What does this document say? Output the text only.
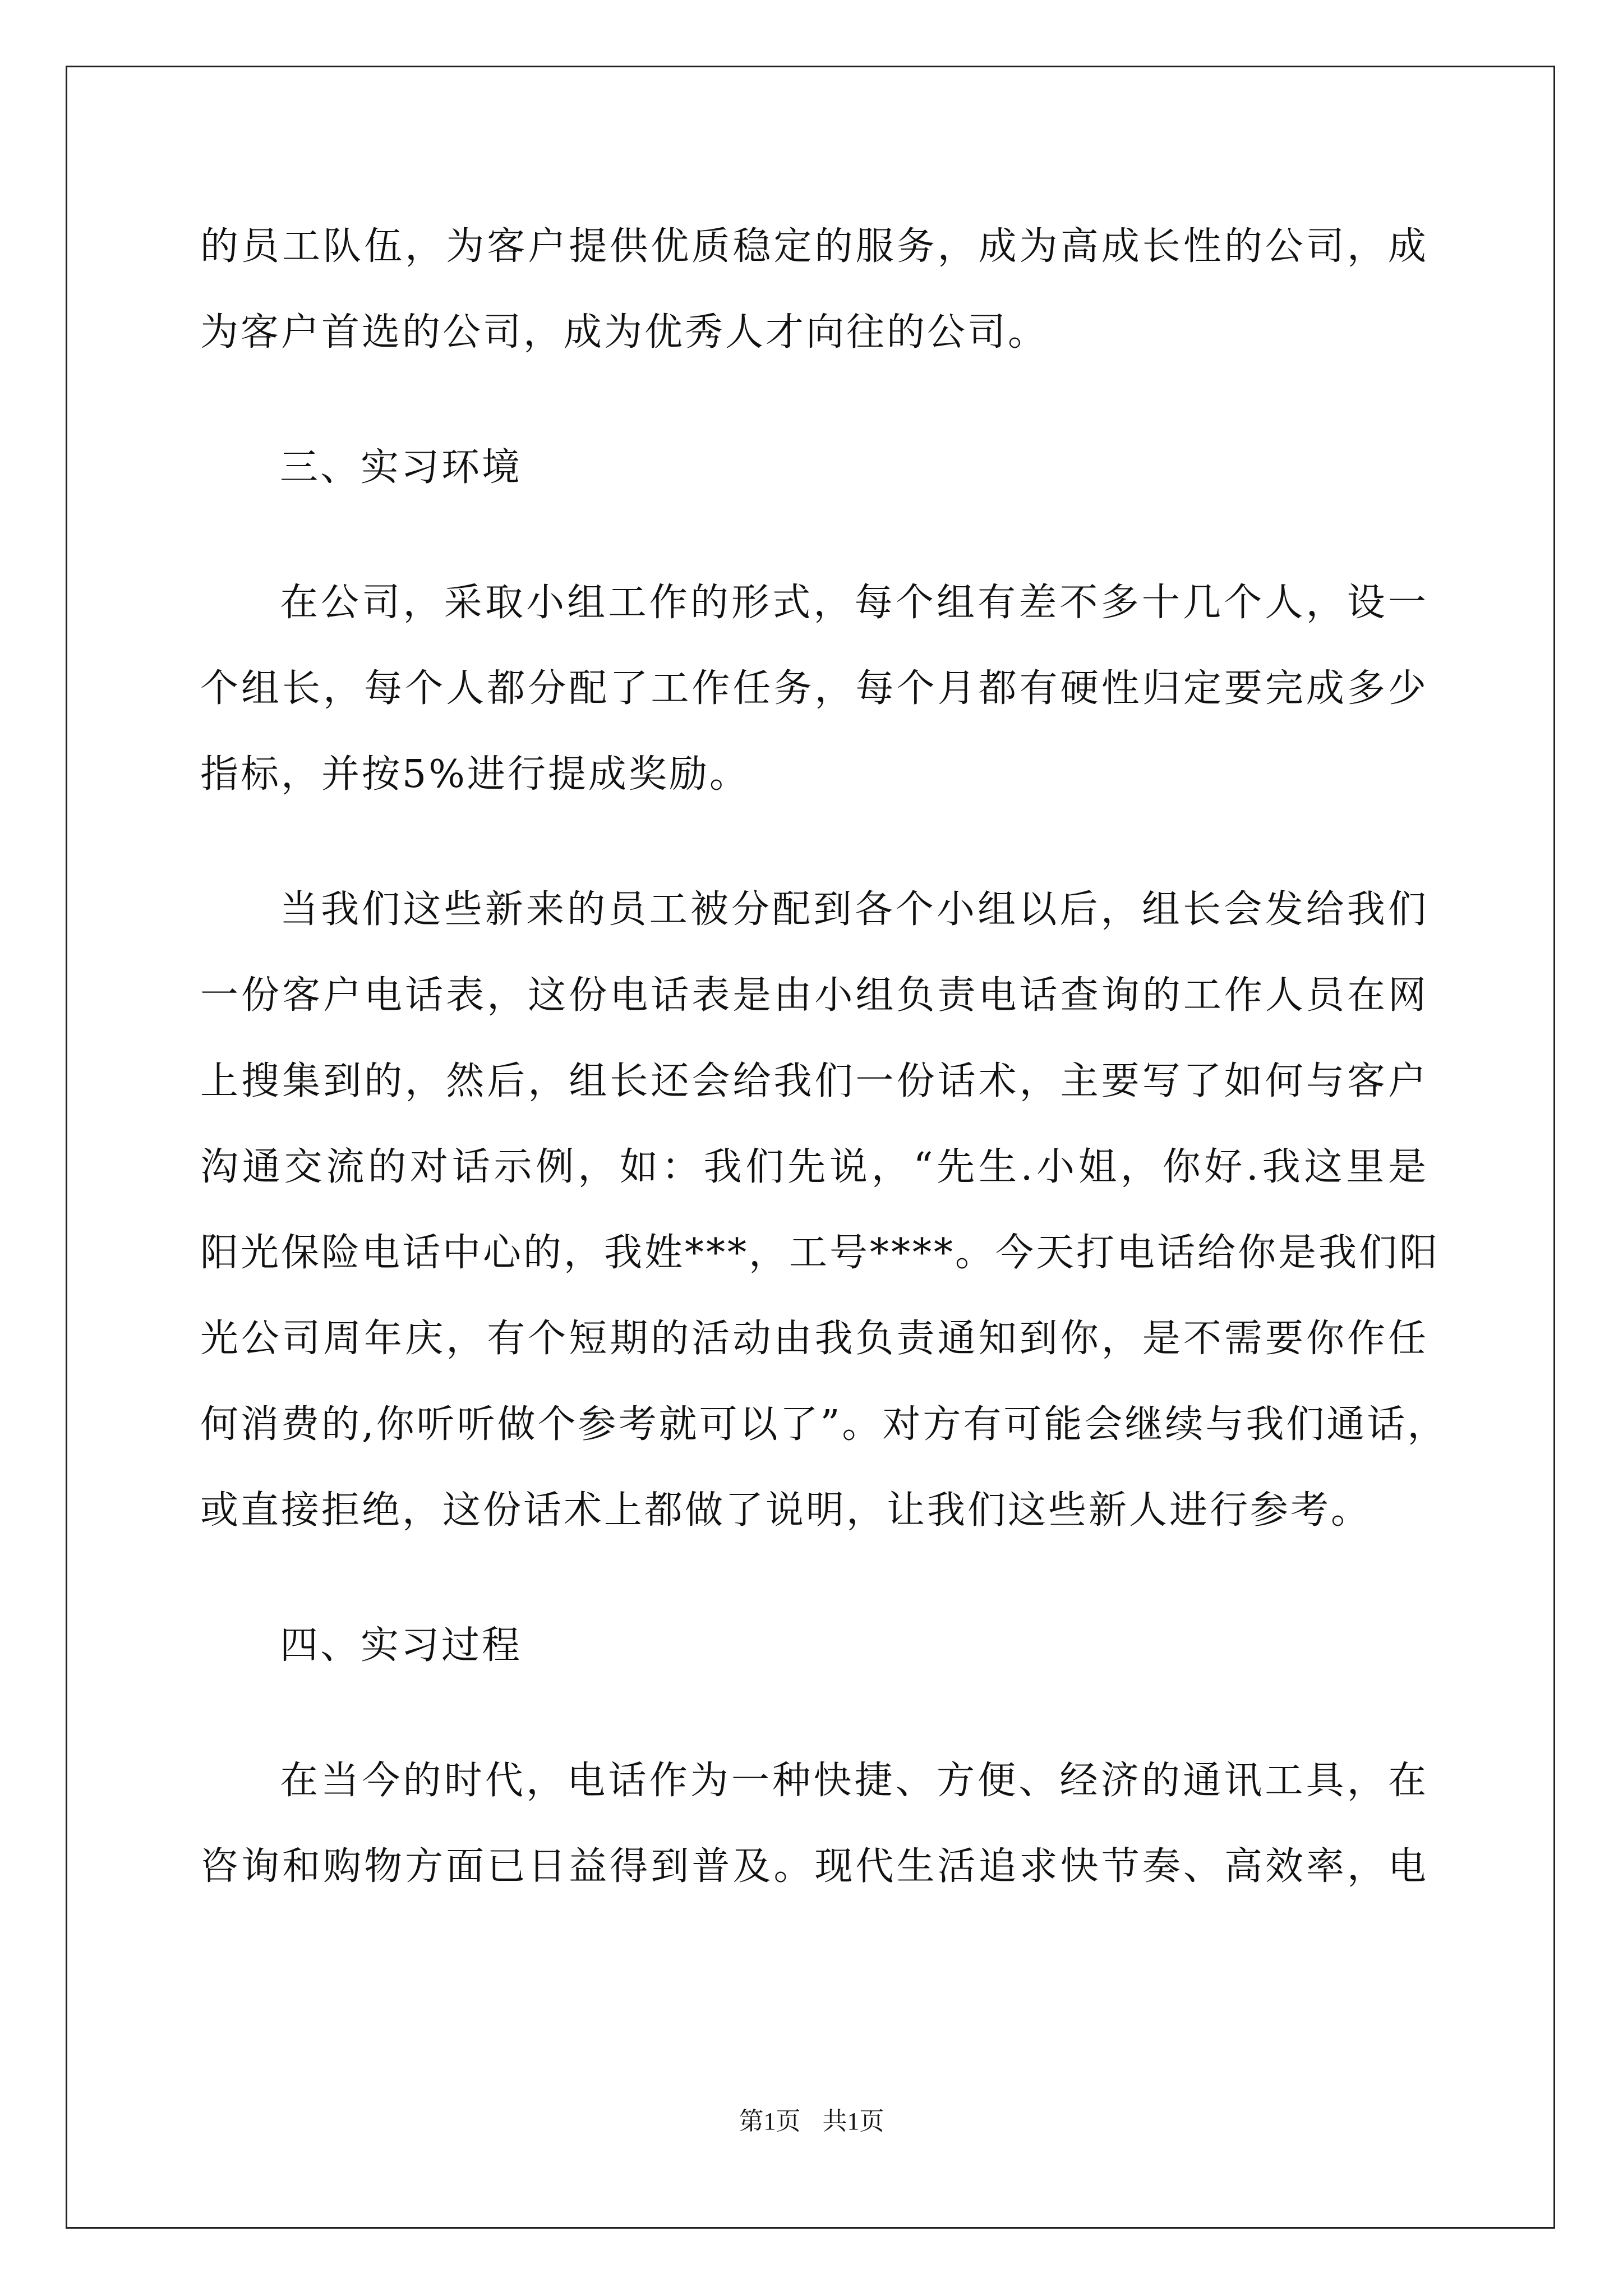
的员工队伍，为客户提供优质稳定的服务，成为高成长性的公司，成
为客户首选的公司，成为优秀人才向往的公司。
三、实习环境
在公司，采取小组工作的形式，每个组有差不多十几个人，设一
个组长，每个人都分配了工作任务，每个月都有硬性归定要完成多少
指标，并按5%进行提成奖励。
当我们这些新来的员工被分配到各个小组以后，组长会发给我们
一份客户电话表，这份电话表是由小组负责电话查询的工作人员在网
上搜集到的，然后，组长还会给我们一份话术，主要写了如何与客户
沟通交流的对话示例，如：我们先说，“先生.小姐，你好.我这里是
阳光保险电话中心的，我姓***，工号****。今天打电话给你是我们阳
光公司周年庆，有个短期的活动由我负责通知到你，是不需要你作任
何消费的,你听听做个参考就可以了”。对方有可能会继续与我们通话，
或直接拒绝，这份话术上都做了说明，让我们这些新人进行参考。
四、实习过程
在当今的时代，电话作为一种快捷、方便、经济的通讯工具，在
咨询和购物方面已日益得到普及。现代生活追求快节奏、高效率，电
第1页 共1页
